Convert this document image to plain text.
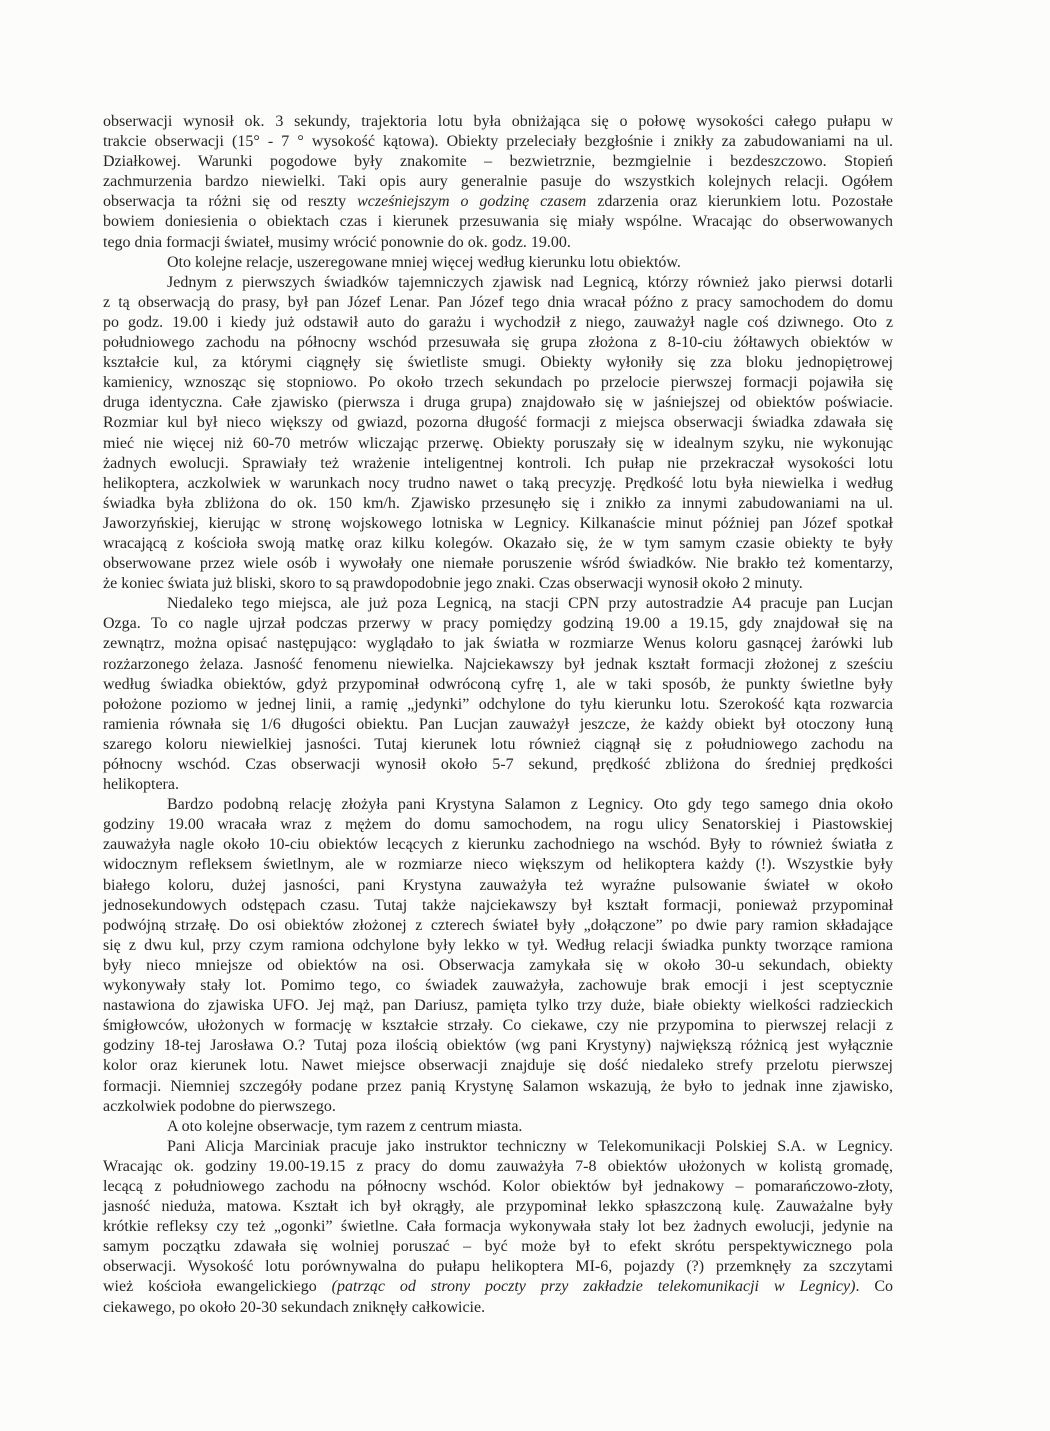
obserwacji wynosił ok. 3 sekundy, trajektoria lotu była obniżająca się o połowę wysokości całego pułapu w
trakcie obserwacji (15° - 7 ° wysokość kątowa). Obiekty przeleciały bezgłośnie i znikły za zabudowaniami na ul.
Działkowej. Warunki pogodowe były znakomite – bezwietrznie, bezmgielnie i bezdeszczowo. Stopień
zachmurzenia bardzo niewielki. Taki opis aury generalnie pasuje do wszystkich kolejnych relacji. Ogółem
obserwacja ta różni się od reszty wcześniejszym o godzinę czasem zdarzenia oraz kierunkiem lotu. Pozostałe
bowiem doniesienia o obiektach czas i kierunek przesuwania się miały wspólne. Wracając do obserwowanych
tego dnia formacji świateł, musimy wrócić ponownie do ok. godz. 19.00.
Oto kolejne relacje, uszeregowane mniej więcej według kierunku lotu obiektów.
Jednym z pierwszych świadków tajemniczych zjawisk nad Legnicą, którzy również jako pierwsi dotarli
z tą obserwacją do prasy, był pan Józef Lenar. Pan Józef tego dnia wracał późno z pracy samochodem do domu
po godz. 19.00 i kiedy już odstawił auto do garażu i wychodził z niego, zauważył nagle coś dziwnego. Oto z
południowego zachodu na północny wschód przesuwała się grupa złożona z 8-10-ciu żółtawych obiektów w
kształcie kul, za którymi ciągnęły się świetliste smugi. Obiekty wyłoniły się zza bloku jednopiętrowej
kamienicy, wznosząc się stopniowo. Po około trzech sekundach po przelocie pierwszej formacji pojawiła się
druga identyczna. Całe zjawisko (pierwsza i druga grupa) znajdowało się w jaśniejszej od obiektów poświacie.
Rozmiar kul był nieco większy od gwiazd, pozorna długość formacji z miejsca obserwacji świadka zdawała się
mieć nie więcej niż 60-70 metrów wliczając przerwę. Obiekty poruszały się w idealnym szyku, nie wykonując
żadnych ewolucji. Sprawiały też wrażenie inteligentnej kontroli. Ich pułap nie przekraczał wysokości lotu
helikoptera, aczkolwiek w warunkach nocy trudno nawet o taką precyzję. Prędkość lotu była niewielka i według
świadka była zbliżona do ok. 150 km/h. Zjawisko przesunęło się i znikło za innymi zabudowaniami na ul.
Jaworzyńskiej, kierując w stronę wojskowego lotniska w Legnicy. Kilkanaście minut później pan Józef spotkał
wracającą z kościoła swoją matkę oraz kilku kolegów. Okazało się, że w tym samym czasie obiekty te były
obserwowane przez wiele osób i wywołały one niemałe poruszenie wśród świadków. Nie brakło też komentarzy,
że koniec świata już bliski, skoro to są prawdopodobnie jego znaki. Czas obserwacji wynosił około 2 minuty.
Niedaleko tego miejsca, ale już poza Legnicą, na stacji CPN przy autostradzie A4 pracuje pan Lucjan
Ozga. To co nagle ujrzał podczas przerwy w pracy pomiędzy godziną 19.00 a 19.15, gdy znajdował się na
zewnątrz, można opisać następująco: wyglądało to jak światła w rozmiarze Wenus koloru gasnącej żarówki lub
rozżarzonego żelaza. Jasność fenomenu niewielka. Najciekawszy był jednak kształt formacji złożonej z sześciu
według świadka obiektów, gdyż przypominał odwróconą cyfrę 1, ale w taki sposób, że punkty świetlne były
położone poziomo w jednej linii, a ramię „jedynki” odchylone do tyłu kierunku lotu. Szerokość kąta rozwarcia
ramienia równała się 1/6 długości obiektu. Pan Lucjan zauważył jeszcze, że każdy obiekt był otoczony łuną
szarego koloru niewielkiej jasności. Tutaj kierunek lotu również ciągnął się z południowego zachodu na
północny wschód. Czas obserwacji wynosił około 5-7 sekund, prędkość zbliżona do średniej prędkości
helikoptera.
Bardzo podobną relację złożyła pani Krystyna Salamon z Legnicy. Oto gdy tego samego dnia około
godziny 19.00 wracała wraz z mężem do domu samochodem, na rogu ulicy Senatorskiej i Piastowskiej
zauważyła nagle około 10-ciu obiektów lecących z kierunku zachodniego na wschód. Były to również światła z
widocznym refleksem świetlnym, ale w rozmiarze nieco większym od helikoptera każdy (!). Wszystkie były
białego koloru, dużej jasności, pani Krystyna zauważyła też wyraźne pulsowanie świateł w około
jednosekundowych odstępach czasu. Tutaj także najciekawszy był kształt formacji, ponieważ przypominał
podwójną strzałę. Do osi obiektów złożonej z czterech świateł były „dołączone” po dwie pary ramion składające
się z dwu kul, przy czym ramiona odchylone były lekko w tył. Według relacji świadka punkty tworzące ramiona
były nieco mniejsze od obiektów na osi. Obserwacja zamykała się w około 30-u sekundach, obiekty
wykonywały stały lot. Pomimo tego, co świadek zauważyła, zachowuje brak emocji i jest sceptycznie
nastawiona do zjawiska UFO. Jej mąż, pan Dariusz, pamięta tylko trzy duże, białe obiekty wielkości radzieckich
śmigłowców, ułożonych w formację w kształcie strzały. Co ciekawe, czy nie przypomina to pierwszej relacji z
godziny 18-tej Jarosława O.? Tutaj poza ilością obiektów (wg pani Krystyny) największą różnicą jest wyłącznie
kolor oraz kierunek lotu. Nawet miejsce obserwacji znajduje się dość niedaleko strefy przelotu pierwszej
formacji. Niemniej szczegóły podane przez panią Krystynę Salamon wskazują, że było to jednak inne zjawisko,
aczkolwiek podobne do pierwszego.
A oto kolejne obserwacje, tym razem z centrum miasta.
Pani Alicja Marciniak pracuje jako instruktor techniczny w Telekomunikacji Polskiej S.A. w Legnicy.
Wracając ok. godziny 19.00-19.15 z pracy do domu zauważyła 7-8 obiektów ułożonych w kolistą gromadę,
lecącą z południowego zachodu na północny wschód. Kolor obiektów był jednakowy – pomarańczowo-złoty,
jasność nieduża, matowa. Kształt ich był okrągły, ale przypominał lekko spłaszczoną kulę. Zauważalne były
krótkie refleksy czy też „ogonki” świetlne. Cała formacja wykonywała stały lot bez żadnych ewolucji, jedynie na
samym początku zdawała się wolniej poruszać – być może był to efekt skrótu perspektywicznego pola
obserwacji. Wysokość lotu porównywalna do pułapu helikoptera MI-6, pojazdy (?) przemknęły za szczytami
wież kościoła ewangelickiego (patrząc od strony poczty przy zakładzie telekomunikacji w Legnicy). Co
ciekawego, po około 20-30 sekundach zniknęły całkowicie.
